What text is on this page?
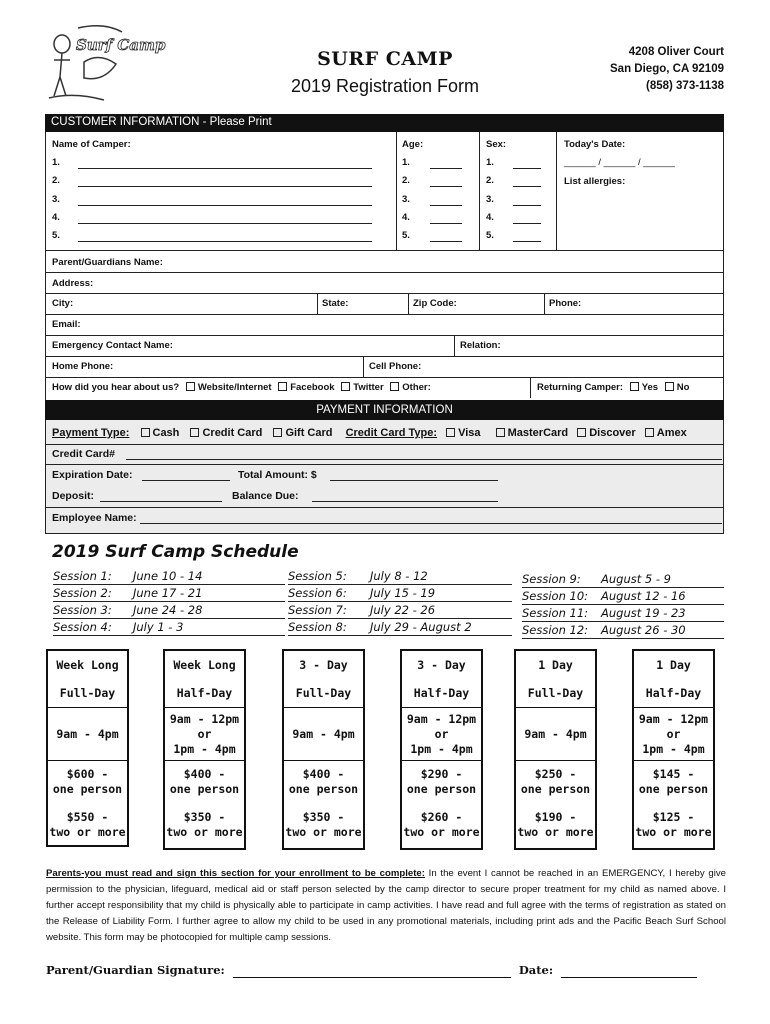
Surf Camp
SURF CAMP
2019 Registration Form
4208 Oliver Court
San Diego, CA 92109
(858) 373-1138
CUSTOMER INFORMATION - Please Print
Name of Camper:	Age:	Sex:	Today's Date:
______ / ______ / ______
List allergies:
1.	1.	1.
2.	2.	2.
3.	3.	3.
4.	4.	4.
5.	5.	5.
Parent/Guardians Name:
Address:
City:	State:	Zip Code:	Phone:
Email:
Emergency Contact Name:	Relation:
Home Phone:	Cell Phone:
How did you hear about us? Website/Internet Facebook Twitter Other:	Returning Camper: Yes No
PAYMENT INFORMATION
Payment Type: Cash Credit Card Gift Card Credit Card Type: Visa MasterCard Discover Amex
Credit Card#
Expiration Date:	Total Amount: $
Deposit:	Balance Due:
Employee Name:
2019 Surf Camp Schedule
Session 1: June 10 - 14
Session 2: June 17 - 21
Session 3: June 24 - 28
Session 4: July 1 - 3
Session 5: July 8 - 12
Session 6: July 15 - 19
Session 7: July 22 - 26
Session 8: July 29 - August 2
Session 9: August 5 - 9
Session 10: August 12 - 16
Session 11: August 19 - 23
Session 12: August 26 - 30
Week Long
Full-Day
9am - 4pm
$600 -
one person
$550 -
two or more
Week Long
Half-Day
9am - 12pm
or
1pm - 4pm
$400 -
one person
$350 -
two or more
3 - Day
Full-Day
9am - 4pm
$400 -
one person
$350 -
two or more
3 - Day
Half-Day
9am - 12pm
or
1pm - 4pm
$290 -
one person
$260 -
two or more
1 Day
Full-Day
9am - 4pm
$250 -
one person
$190 -
two or more
1 Day
Half-Day
9am - 12pm
or
1pm - 4pm
$145 -
one person
$125 -
two or more
Parents-you must read and sign this section for your enrollment to be complete: In the event I cannot be reached in an EMERGENCY, I hereby give permission to the physician, lifeguard, medical aid or staff person selected by the camp director to secure proper treatment for my child as named above. I further accept responsibility that my child is physically able to participate in camp activities. I have read and full agree with the terms of registration as stated on the Release of Liability Form. I further agree to allow my child to be used in any promotional materials, including print ads and the Pacific Beach Surf School website. This form may be photocopied for multiple camp sessions.
Parent/Guardian Signature:	Date:
